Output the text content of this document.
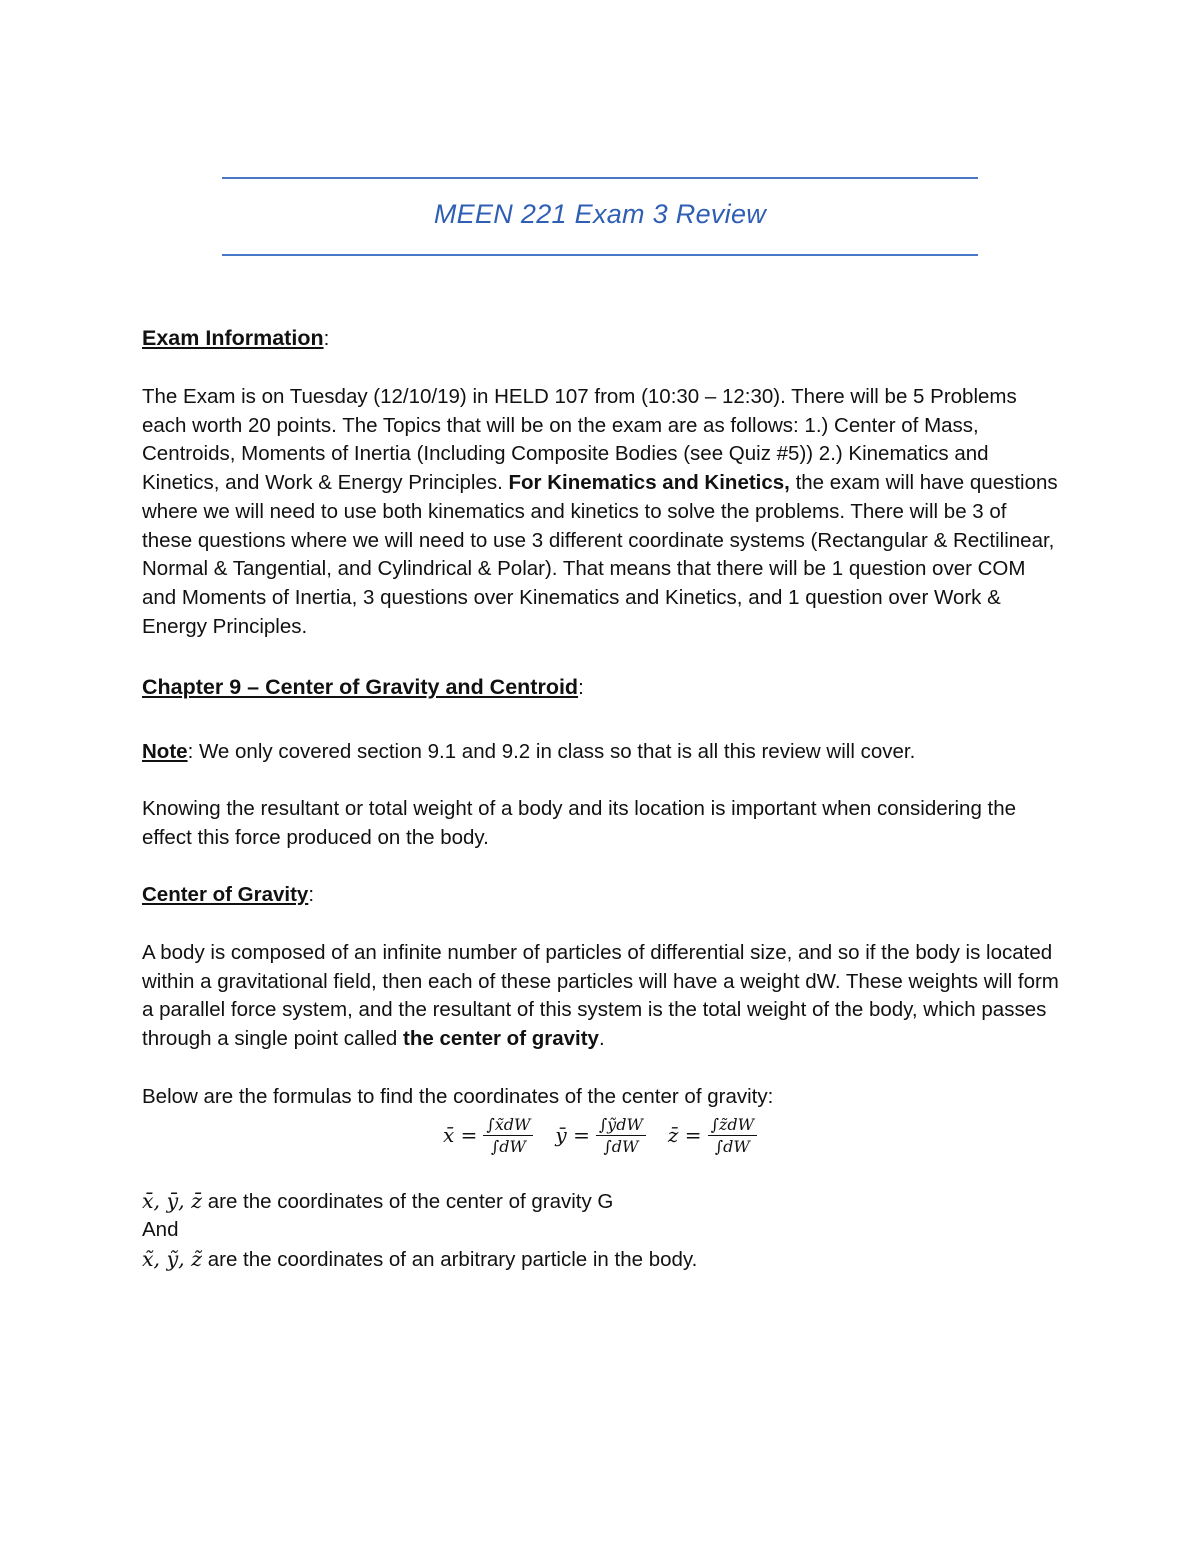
MEEN 221 Exam 3 Review
Exam Information:
The Exam is on Tuesday (12/10/19) in HELD 107 from (10:30 – 12:30). There will be 5 Problems each worth 20 points. The Topics that will be on the exam are as follows: 1.) Center of Mass, Centroids, Moments of Inertia (Including Composite Bodies (see Quiz #5)) 2.) Kinematics and Kinetics, and Work & Energy Principles. For Kinematics and Kinetics, the exam will have questions where we will need to use both kinematics and kinetics to solve the problems. There will be 3 of these questions where we will need to use 3 different coordinate systems (Rectangular & Rectilinear, Normal & Tangential, and Cylindrical & Polar). That means that there will be 1 question over COM and Moments of Inertia, 3 questions over Kinematics and Kinetics, and 1 question over Work & Energy Principles.
Chapter 9 – Center of Gravity and Centroid:
Note: We only covered section 9.1 and 9.2 in class so that is all this review will cover.
Knowing the resultant or total weight of a body and its location is important when considering the effect this force produced on the body.
Center of Gravity:
A body is composed of an infinite number of particles of differential size, and so if the body is located within a gravitational field, then each of these particles will have a weight dW. These weights will form a parallel force system, and the resultant of this system is the total weight of the body, which passes through a single point called the center of gravity.
Below are the formulas to find the coordinates of the center of gravity:
x̄ = $\frac{\int x̃dW}{\int dW}$ ȳ = $\frac{\text{∫ỹdW}}{\int dW}$ z̄ = $\frac{\int z̃dW}{\int dW}$
x̄, ȳ, z̄ are the coordinates of the center of gravity G
And
x̃, ỹ, z̃ are the coordinates of an arbitrary particle in the body.
